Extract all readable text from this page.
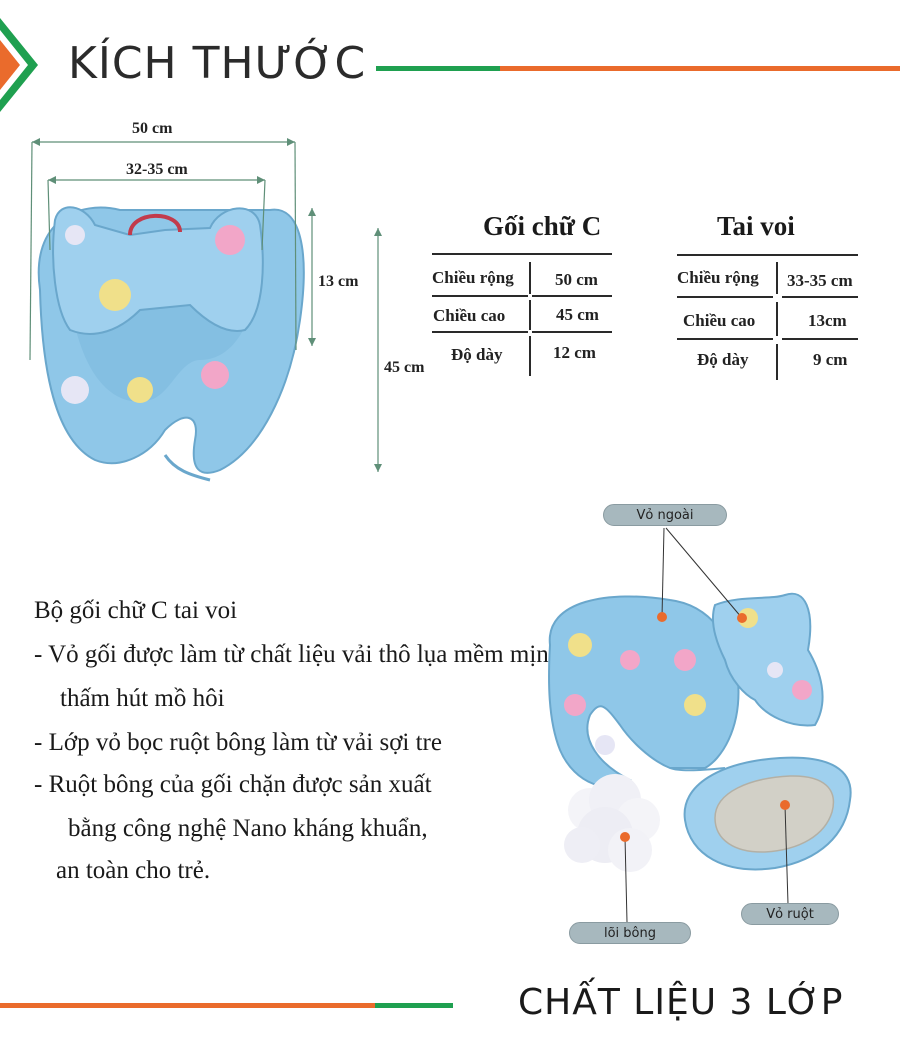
KÍCH THƯỚC
50 cm
32-35 cm
13 cm
45 cm
Gối chữ C
Chiều rộng 50 cm
Chiều cao	45 cm
Độ dày	12 cm
Tai voi
Chiều rộng 33-35 cm
Chiều cao	13cm
Độ dày	9 cm

Bộ gối chữ C tai voi

- Vỏ gối được làm từ chất liệu vải thô lụa mềm mịn

thấm hút mồ hôi

- Lớp vỏ bọc ruột bông làm từ vải sợi tre

- Ruột bông của gối chặn được sản xuất

bằng công nghệ Nano kháng khuẩn,

an toàn cho trẻ.

Vỏ ngoài
Vỏ ruột
lõi bông
CHẤT LIỆU 3 LỚP
